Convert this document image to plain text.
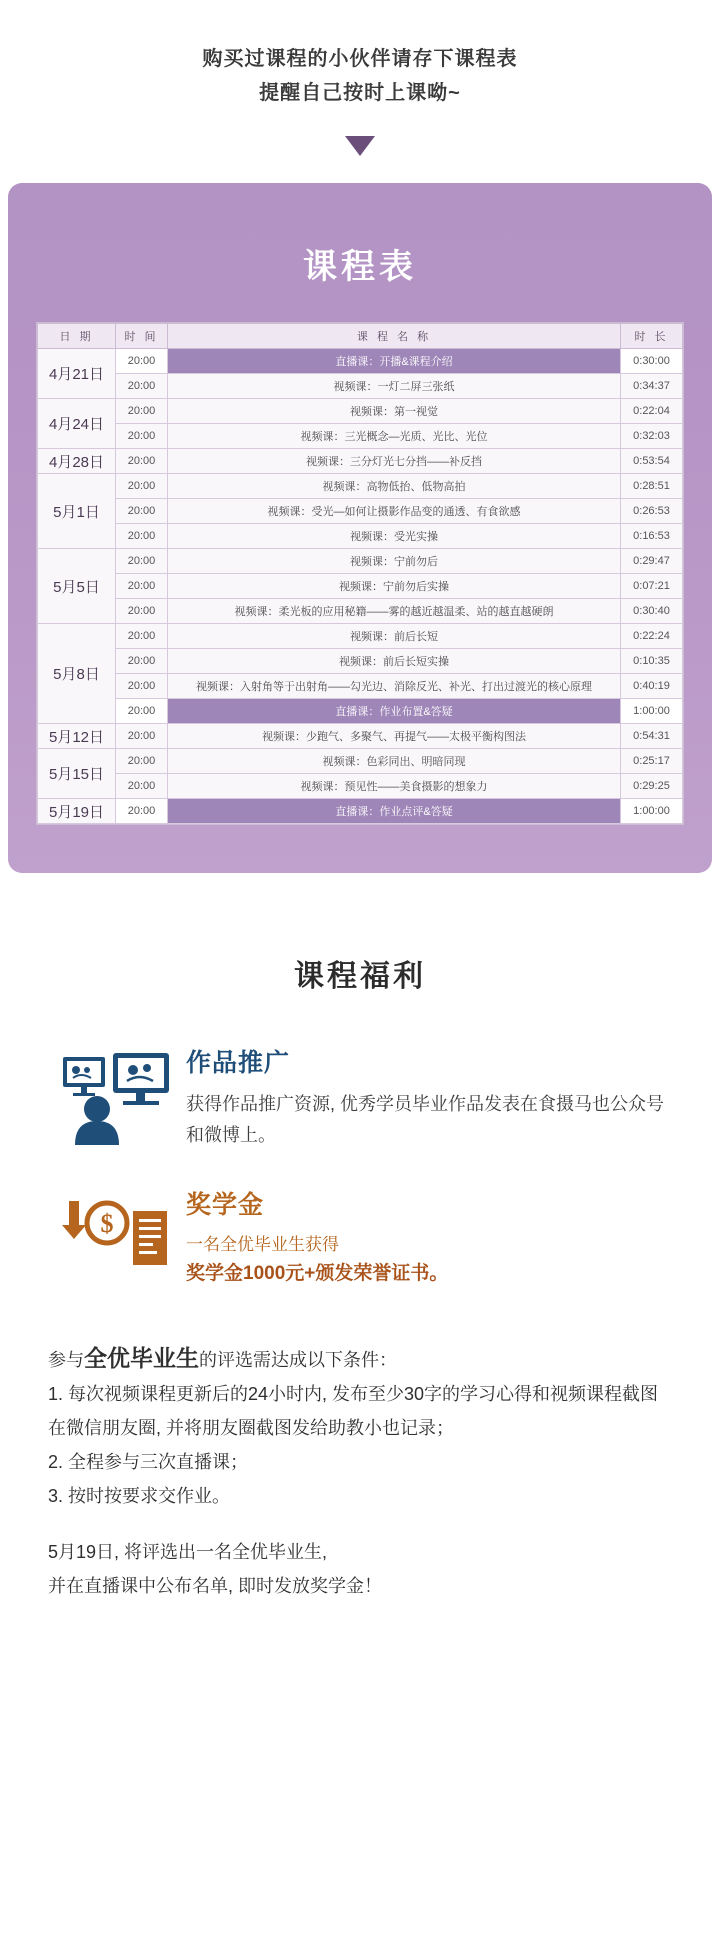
购买过课程的小伙伴请存下课程表
提醒自己按时上课呦~
课程表
日 期	时 间	课 程 名 称	时 长
4月21日	20:00	直播课：开播&课程介绍	0:30:00
	20:00	视频课：一灯二屏三张纸	0:34:37
4月24日	20:00	视频课：第一视觉	0:22:04
	20:00	视频课：三光概念—光质、光比、光位	0:32:03
4月28日	20:00	视频课：三分灯光七分挡——补反挡	0:53:54
5月1日	20:00	视频课：高物低抬、低物高拍	0:28:51
	20:00	视频课：受光—如何让摄影作品变的通透、有食欲感	0:26:53
	20:00	视频课：受光实操	0:16:53
5月5日	20:00	视频课：宁前勿后	0:29:47
	20:00	视频课：宁前勿后实操	0:07:21
	20:00	视频课：柔光板的应用秘籍——雾的越近越温柔、站的越直越硬朗	0:30:40
5月8日	20:00	视频课：前后长短	0:22:24
	20:00	视频课：前后长短实操	0:10:35
	20:00	视频课：入射角等于出射角——勾光边、消除反光、补光、打出过渡光的核心原理	0:40:19
	20:00	直播课：作业布置&答疑	1:00:00
5月12日	20:00	视频课：少跑气、多聚气、再提气——太极平衡构图法	0:54:31
5月15日	20:00	视频课：色彩同出、明暗同现	0:25:17
	20:00	视频课：预见性——美食摄影的想象力	0:29:25
5月19日	20:00	直播课：作业点评&答疑	1:00:00
课程福利
作品推广

获得作品推广资源, 优秀学员毕业作品发表在食摄马也公众号和微博上。

$
奖学金

一名全优毕业生获得

奖学金1000元+颁发荣誉证书。

参与全优毕业生的评选需达成以下条件：

1. 每次视频课程更新后的24小时内, 发布至少30字的学习心得和视频课程截图在微信朋友圈, 并将朋友圈截图发给助教小也记录；

2. 全程参与三次直播课；

3. 按时按要求交作业。

5月19日, 将评选出一名全优毕业生,

并在直播课中公布名单, 即时发放奖学金！
